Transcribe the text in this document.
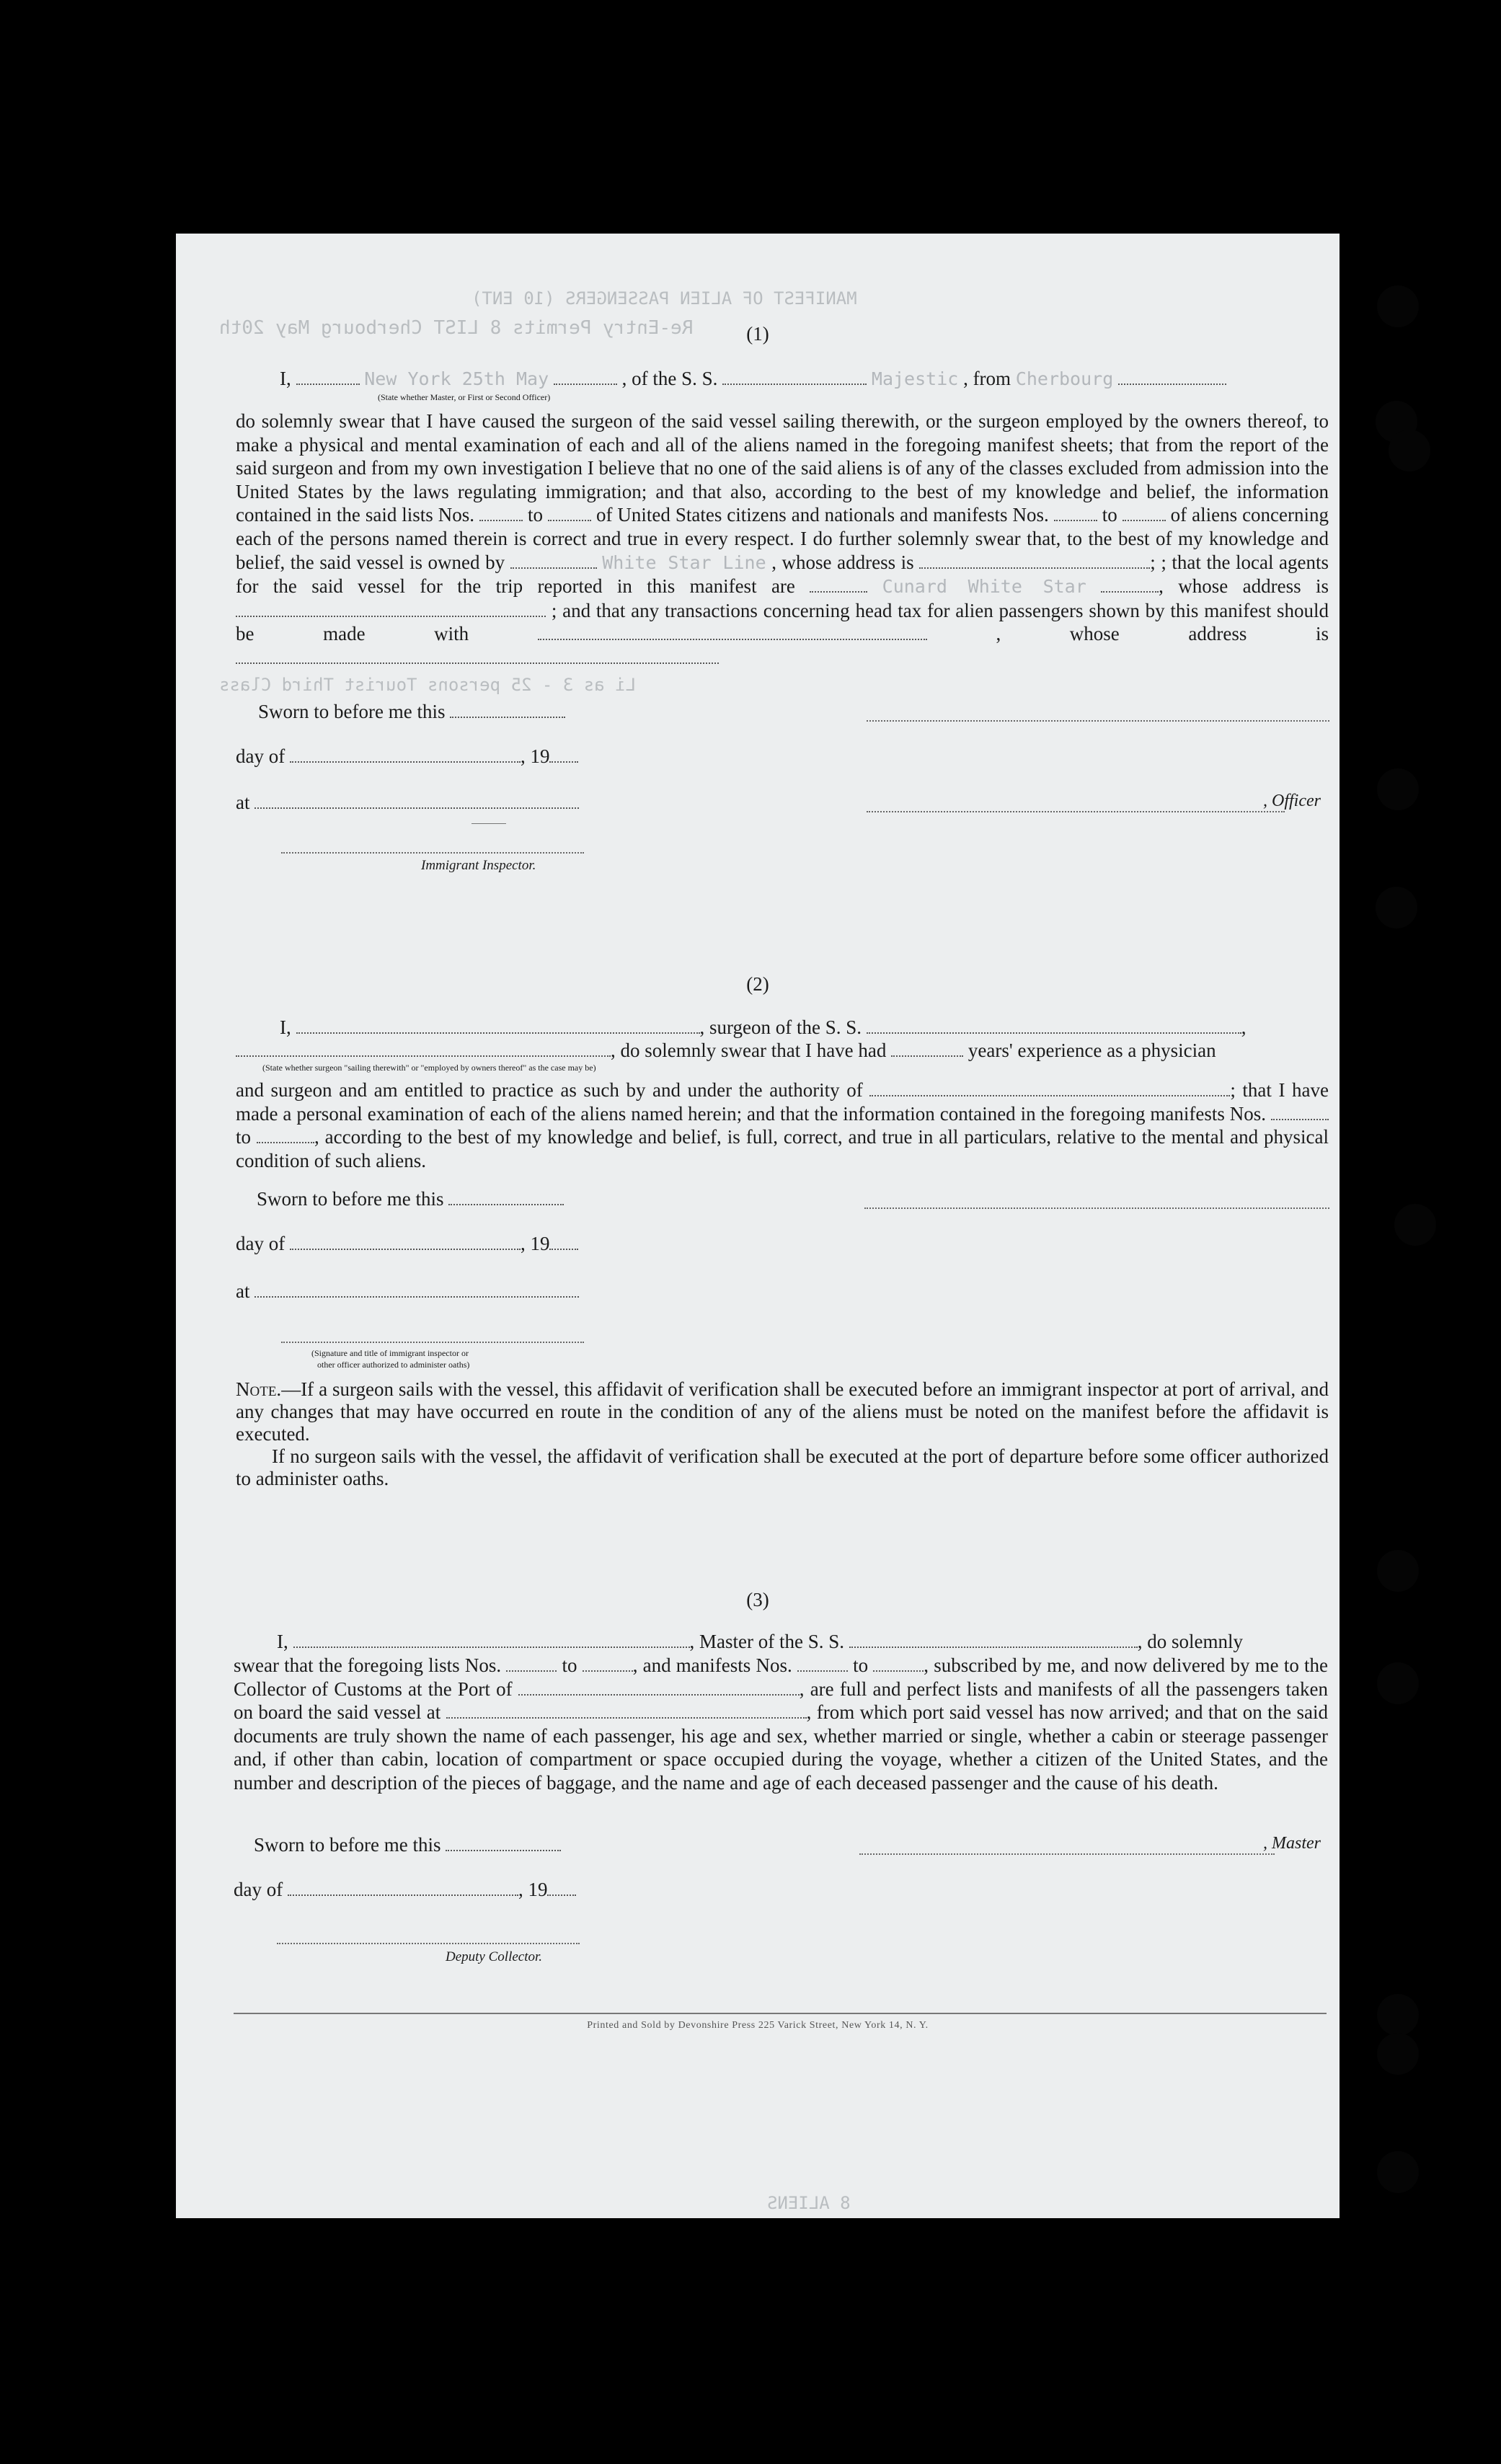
MANIFEST OF ALIEN PASSENGERS (10 ENT)
Re-Entry Permits 8 LIST Cherbourg May 20th
Li as 3 - 25 persons Tourist Third Class
8 ALIENS
(1)
I,	New York 25th May	, of the S. S.	Majestic , from Cherbourg
(State whether Master, or First or Second Officer)
do solemnly swear that I have caused the surgeon of the said vessel sailing therewith, or the surgeon employed by the owners thereof, to make a physical and mental examination of each and all of the aliens named in the foregoing manifest sheets; that from the report of the said surgeon and from my own investigation I believe that no one of the said aliens is of any of the classes excluded from admission into the United States by the laws regulating immigration; and that also, according to the best of my knowledge and belief, the information contained in the said lists Nos.	to	of United States citizens and nationals and manifests Nos.	to	of aliens concerning each of the persons named therein is correct and true in every respect. I do further solemnly swear that, to the best of my knowledge and belief, the said vessel is owned by	White Star Line , whose address is	; ; that the local agents for the said vessel for the trip reported in this manifest are	Cunard White Star	, whose address is  ; and that any transactions concerning head tax for alien passengers shown by this manifest should be made with	, whose address is
Sworn to before me this
day of	, 19
at	, Officer
Immigrant Inspector.
(2)
I,	, surgeon of the S. S.	,
, do solemnly swear that I have had	years' experience as a physician
(State whether surgeon "sailing therewith" or "employed by owners thereof" as the case may be)
and surgeon and am entitled to practice as such by and under the authority of	; that I have made a personal examination of each of the aliens named herein; and that the information contained in the foregoing manifests Nos.  to	, according to the best of my knowledge and belief, is full, correct, and true in all particulars, relative to the mental and physical condition of such aliens.
Sworn to before me this
day of	, 19
at
(Signature and title of immigrant inspector or
other officer authorized to administer oaths)

Note.—If a surgeon sails with the vessel, this affidavit of verification shall be executed before an immigrant inspector at port of arrival, and any changes that may have occurred en route in the condition of any of the aliens must be noted on the manifest before the affidavit is executed.

If no surgeon sails with the vessel, the affidavit of verification shall be executed at the port of departure before some officer authorized to administer oaths.

(3)
I,	, Master of the S. S.	, do solemnly
swear that the foregoing lists Nos.	to	, and manifests Nos.	to	, subscribed by me, and now delivered by me to the Collector of Customs at the Port of	, are full and perfect lists and manifests of all the passengers taken on board the said vessel at	, from which port said vessel has now arrived; and that on the said documents are truly shown the name of each passenger, his age and sex, whether married or single, whether a cabin or steerage passenger and, if other than cabin, location of compartment or space occupied during the voyage, whether a citizen of the United States, and the number and description of the pieces of baggage, and the name and age of each deceased passenger and the cause of his death.
Sworn to before me this	, Master
day of	, 19
Deputy Collector.
Printed and Sold by Devonshire Press 225 Varick Street, New York 14, N. Y.
